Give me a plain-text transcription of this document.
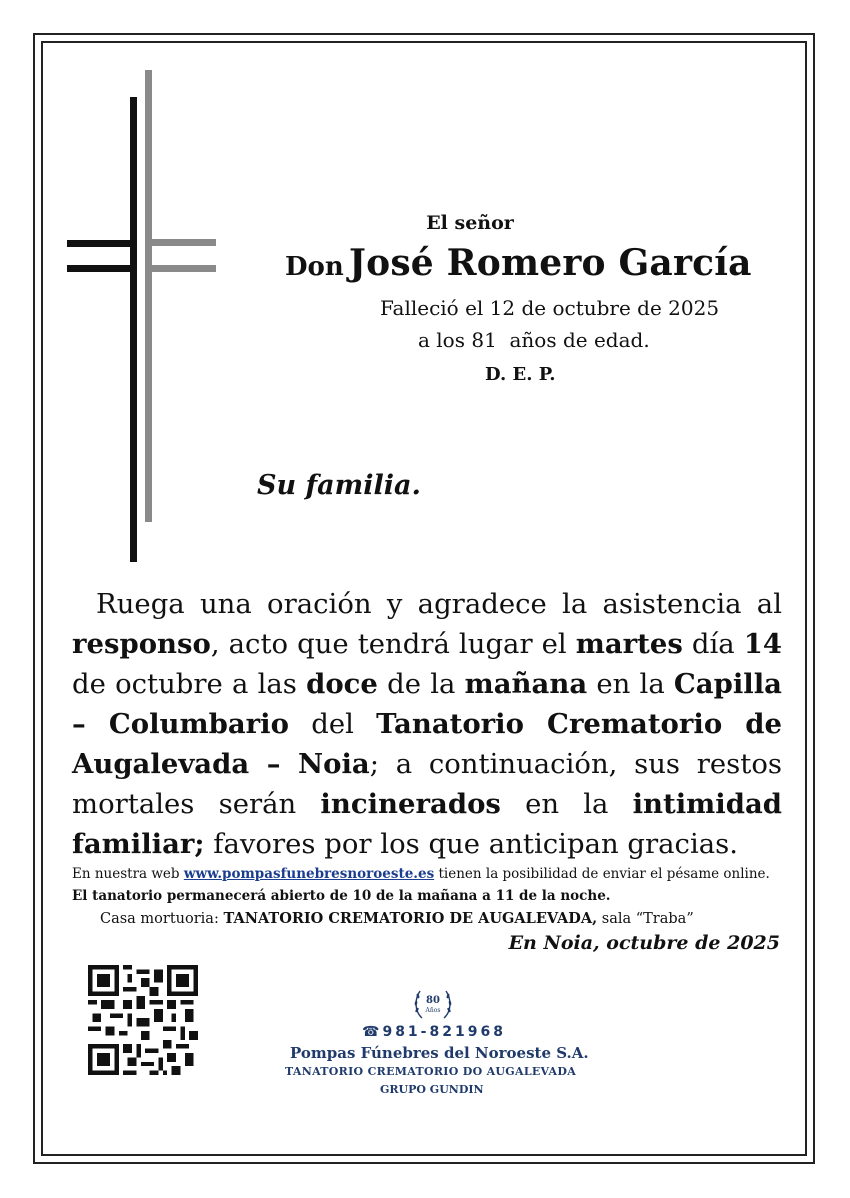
El señor
Don José Romero García
Falleció el 12 de octubre de 2025
a los 81  años de edad.
D. E. P.
Su familia.
Ruega una oración y agradece la asistencia al responso, acto que tendrá lugar el martes día 14 de octubre a las doce de la mañana en la Capilla – Columbario del Tanatorio Crematorio de Augalevada – Noia; a continuación, sus restos mortales serán incinerados en la intimidad familiar; favores por los que anticipan gracias.
En nuestra web www.pompasfunebresnoroeste.es tienen la posibilidad de enviar el pésame online.
El tanatorio permanecerá abierto de 10 de la mañana a 11 de la noche.
Casa mortuoria: TANATORIO CREMATORIO DE AUGALEVADA, sala “Traba”
En Noia, octubre de 2025
80
Años
☎981-821968
Pompas Fúnebres del Noroeste S.A.
TANATORIO CREMATORIO DO AUGALEVADA
GRUPO GUNDIN
